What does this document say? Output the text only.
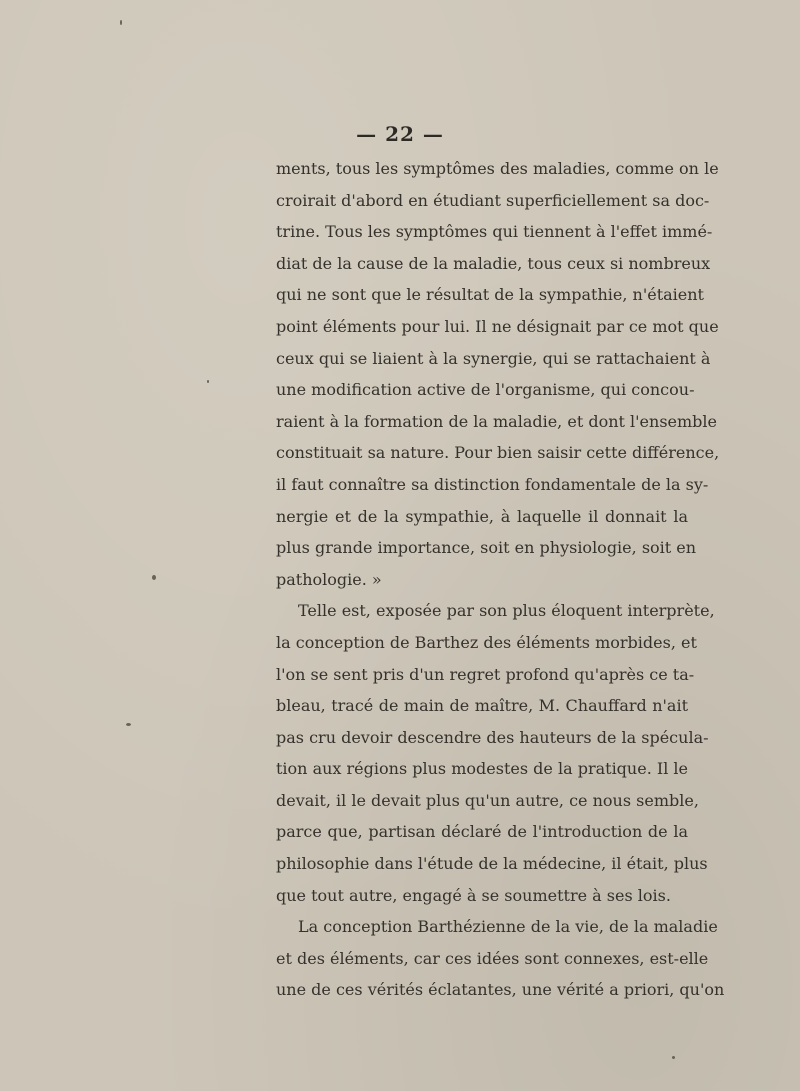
— 22 —
ments, tous les symptômes des maladies, comme on le
croirait d'abord en étudiant superficiellement sa doc-
trine. Tous les symptômes qui tiennent à l'effet immé-
diat de la cause de la maladie, tous ceux si nombreux
qui ne sont que le résultat de la sympathie, n'étaient
point éléments pour lui. Il ne désignait par ce mot que
ceux qui se liaient à la synergie, qui se rattachaient à
une modification active de l'organisme, qui concou-
raient à la formation de la maladie, et dont l'ensemble
constituait sa nature. Pour bien saisir cette différence,
il faut connaître sa distinction fondamentale de la sy-
nergie et de la sympathie, à laquelle il donnait la
plus grande importance, soit en physiologie, soit en
pathologie. »
Telle est, exposée par son plus éloquent interprète,
la conception de Barthez des éléments morbides, et
l'on se sent pris d'un regret profond qu'après ce ta-
bleau, tracé de main de maître, M. Chauffard n'ait
pas cru devoir descendre des hauteurs de la spécula-
tion aux régions plus modestes de la pratique. Il le
devait, il le devait plus qu'un autre, ce nous semble,
parce que, partisan déclaré de l'introduction de la
philosophie dans l'étude de la médecine, il était, plus
que tout autre, engagé à se soumettre à ses lois.
La conception Barthézienne de la vie, de la maladie
et des éléments, car ces idées sont connexes, est-elle
une de ces vérités éclatantes, une vérité a priori, qu'on
